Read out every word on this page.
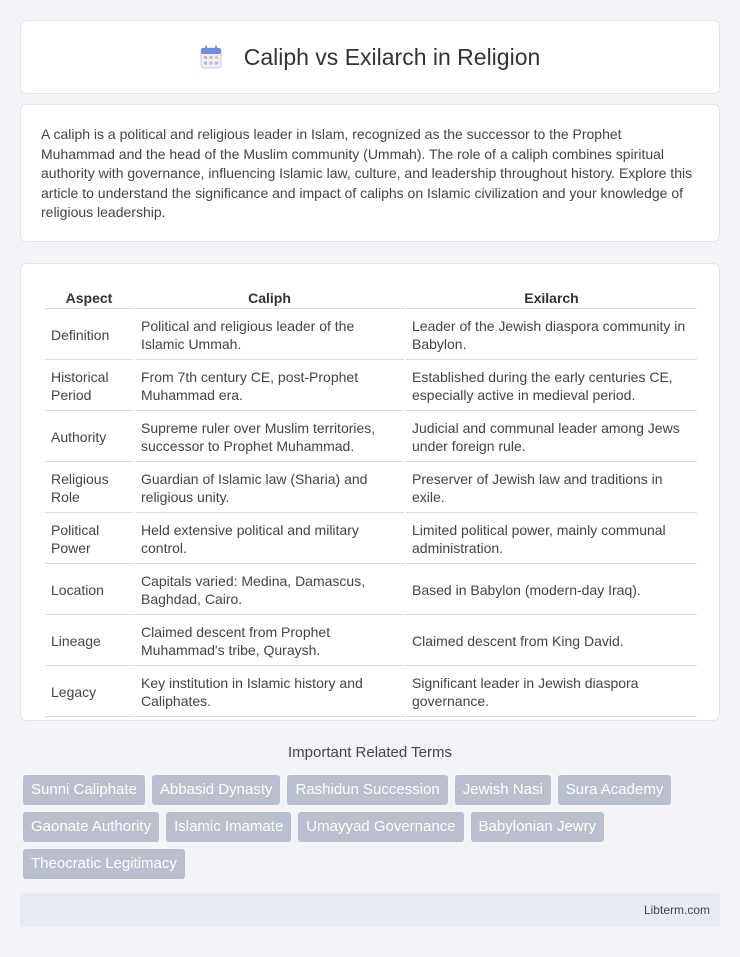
Caliph vs Exilarch in Religion

A caliph is a political and religious leader in Islam, recognized as the successor to the Prophet Muhammad and the head of the Muslim community (Ummah). The role of a caliph combines spiritual authority with governance, influencing Islamic law, culture, and leadership throughout history. Explore this article to understand the significance and impact of caliphs on Islamic civilization and your knowledge of religious leadership.

Aspect	Caliph	Exilarch
Definition	Political and religious leader of the Islamic Ummah.	Leader of the Jewish diaspora community in Babylon.
Historical Period	From 7th century CE, post-Prophet Muhammad era.	Established during the early centuries CE, especially active in medieval period.
Authority	Supreme ruler over Muslim territories, successor to Prophet Muhammad.	Judicial and communal leader among Jews under foreign rule.
Religious Role	Guardian of Islamic law (Sharia) and religious unity.	Preserver of Jewish law and traditions in exile.
Political Power	Held extensive political and military control.	Limited political power, mainly communal administration.
Location	Capitals varied: Medina, Damascus, Baghdad, Cairo.	Based in Babylon (modern-day Iraq).
Lineage	Claimed descent from Prophet Muhammad's tribe, Quraysh.	Claimed descent from King David.
Legacy	Key institution in Islamic history and Caliphates.	Significant leader in Jewish diaspora governance.
Important Related Terms
Sunni Caliphate	Abbasid Dynasty	Rashidun Succession	Jewish Nasi	Sura Academy
Gaonate Authority	Islamic Imamate	Umayyad Governance	Babylonian Jewry
Theocratic Legitimacy
Libterm.com
